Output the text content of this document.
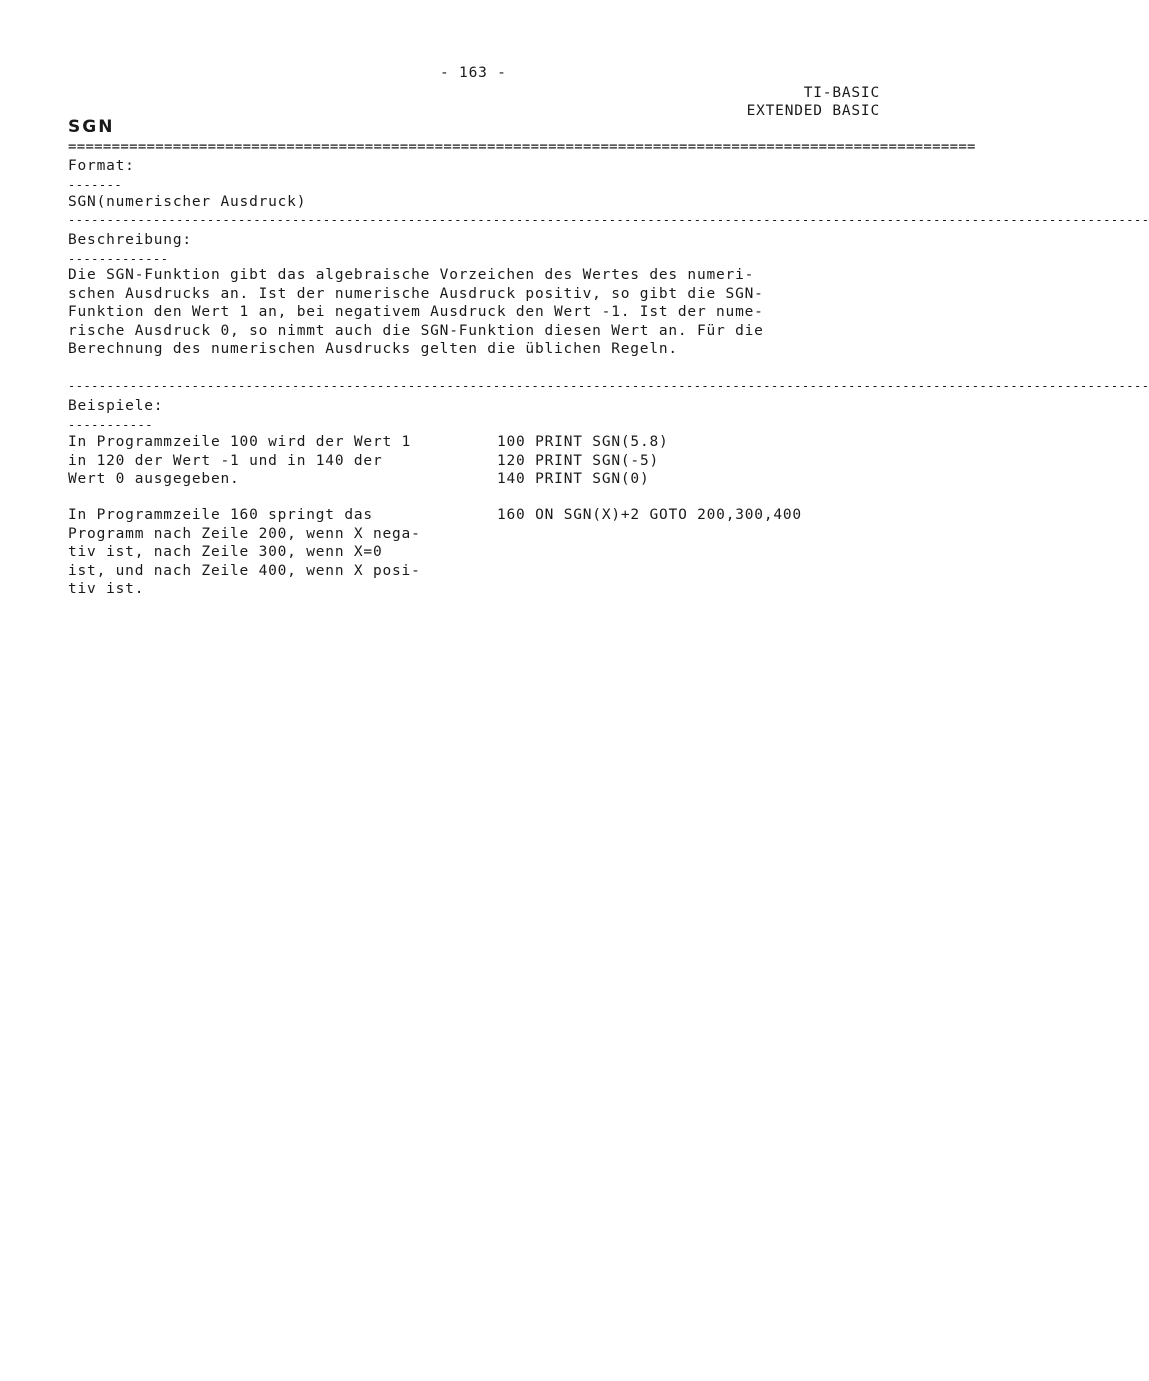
- 163 -
TI-BASIC
EXTENDED BASIC
SGN
========================================================================================================
Format:
-------
SGN(numerischer Ausdruck)
--------------------------------------------------------------------------------------------------------------------------------------------
Beschreibung:
-------------
Die SGN-Funktion gibt das algebraische Vorzeichen des Wertes des numeri-
schen Ausdrucks an. Ist der numerische Ausdruck positiv, so gibt die SGN-
Funktion den Wert 1 an, bei negativem Ausdruck den Wert -1. Ist der nume-
rische Ausdruck 0, so nimmt auch die SGN-Funktion diesen Wert an. Für die
Berechnung des numerischen Ausdrucks gelten die üblichen Regeln.
--------------------------------------------------------------------------------------------------------------------------------------------
Beispiele:
-----------
In Programmzeile 100 wird der Wert 1
in 120 der Wert -1 und in 140 der
Wert 0 ausgegeben.
100 PRINT SGN(5.8)
120 PRINT SGN(-5)
140 PRINT SGN(0)
In Programmzeile 160 springt das
Programm nach Zeile 200, wenn X nega-
tiv ist, nach Zeile 300, wenn X=0
ist, und nach Zeile 400, wenn X posi-
tiv ist.
160 ON SGN(X)+2 GOTO 200,300,400
